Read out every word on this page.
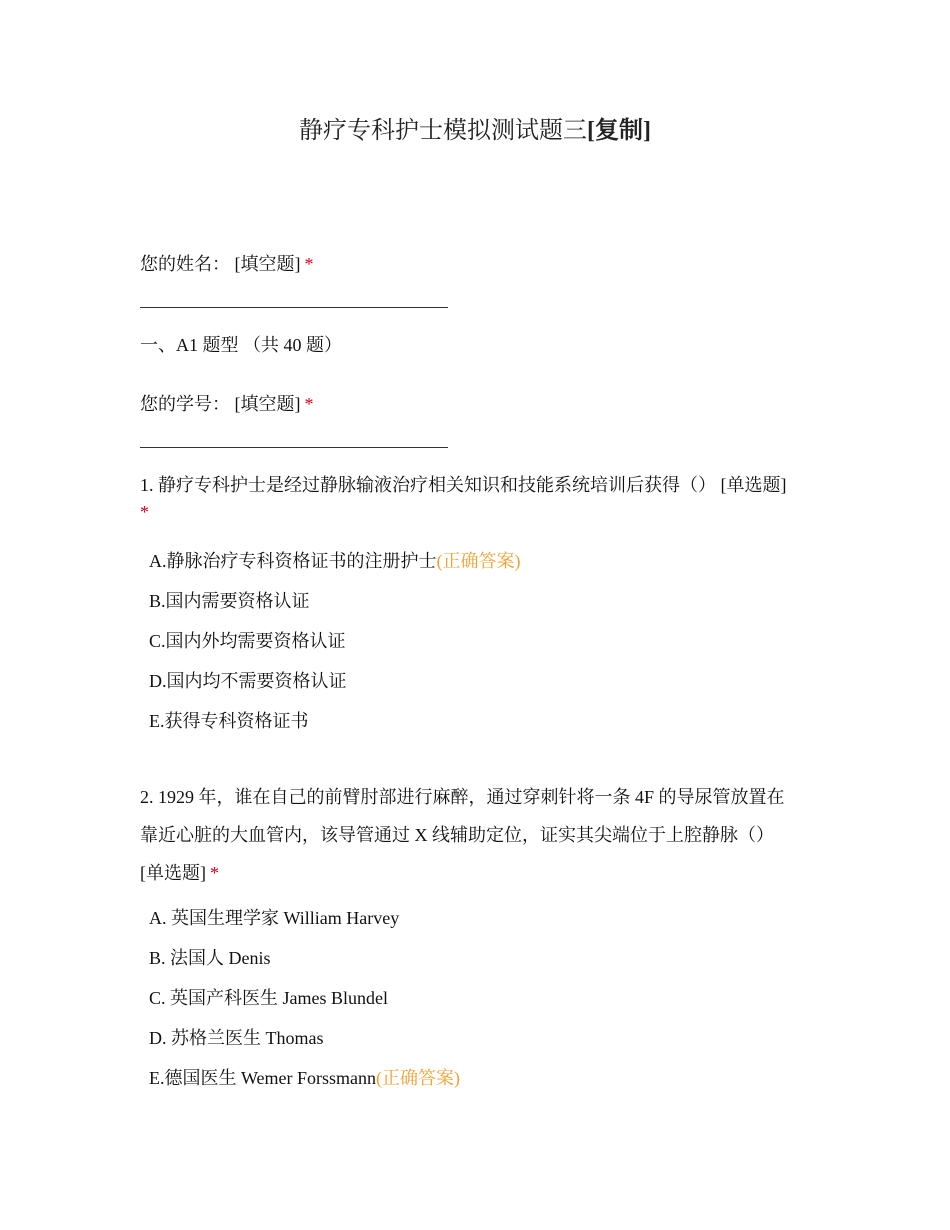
静疗专科护士模拟测试题三[复制]
您的姓名： [填空题] *
一、A1 题型 （共 40 题）
您的学号： [填空题] *
1. 静疗专科护士是经过静脉输液治疗相关知识和技能系统培训后获得（） [单选题]
*
A.静脉治疗专科资格证书的注册护士(正确答案)
B.国内需要资格认证
C.国内外均需要资格认证
D.国内均不需要资格认证
E.获得专科资格证书
2. 1929 年，谁在自己的前臂肘部进行麻醉，通过穿刺针将一条 4F 的导尿管放置在
靠近心脏的大血管内，该导管通过 X 线辅助定位，证实其尖端位于上腔静脉（）
[单选题] *
A. 英国生理学家 William Harvey
B. 法国人 Denis
C. 英国产科医生 James Blundel
D. 苏格兰医生 Thomas
E.德国医生 Wemer Forssmann(正确答案)
